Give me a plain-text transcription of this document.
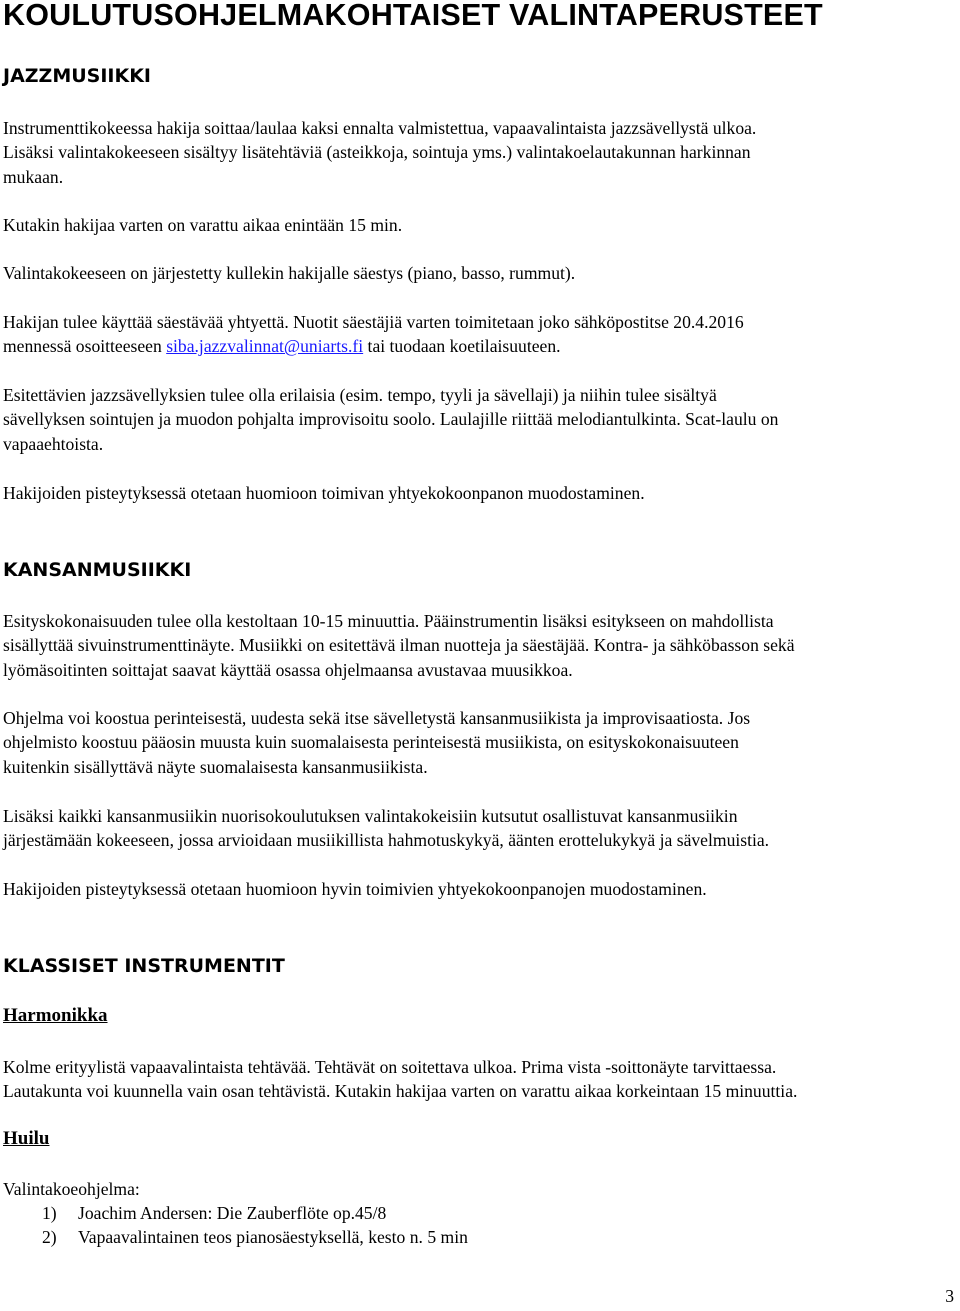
KOULUTUSOHJELMAKOHTAISET VALINTAPERUSTEET
JAZZMUSIIKKI
Instrumenttikokeessa hakija soittaa/laulaa kaksi ennalta valmistettua, vapaavalintaista jazzsävellystä ulkoa.
Lisäksi valintakokeeseen sisältyy lisätehtäviä (asteikkoja, sointuja yms.) valintakoelautakunnan harkinnan
mukaan.
Kutakin hakijaa varten on varattu aikaa enintään 15 min.
Valintakokeeseen on järjestetty kullekin hakijalle säestys (piano, basso, rummut).
Hakijan tulee käyttää säestävää yhtyettä. Nuotit säestäjiä varten toimitetaan joko sähköpostitse 20.4.2016
mennessä osoitteeseen siba.jazzvalinnat@uniarts.fi tai tuodaan koetilaisuuteen.
Esitettävien jazzsävellyksien tulee olla erilaisia (esim. tempo, tyyli ja sävellaji) ja niihin tulee sisältyä
sävellyksen sointujen ja muodon pohjalta improvisoitu soolo. Laulajille riittää melodiantulkinta. Scat-laulu on
vapaaehtoista.
Hakijoiden pisteytyksessä otetaan huomioon toimivan yhtyekokoonpanon muodostaminen.
KANSANMUSIIKKI
Esityskokonaisuuden tulee olla kestoltaan 10-15 minuuttia. Pääinstrumentin lisäksi esitykseen on mahdollista
sisällyttää sivuinstrumenttinäyte. Musiikki on esitettävä ilman nuotteja ja säestäjää. Kontra- ja sähköbasson sekä
lyömäsoitinten soittajat saavat käyttää osassa ohjelmaansa avustavaa muusikkoa.
Ohjelma voi koostua perinteisestä, uudesta sekä itse sävelletystä kansanmusiikista ja improvisaatiosta. Jos
ohjelmisto koostuu pääosin muusta kuin suomalaisesta perinteisestä musiikista, on esityskokonaisuuteen
kuitenkin sisällyttävä näyte suomalaisesta kansanmusiikista.
Lisäksi kaikki kansanmusiikin nuorisokoulutuksen valintakokeisiin kutsutut osallistuvat kansanmusiikin
järjestämään kokeeseen, jossa arvioidaan musiikillista hahmotuskykyä, äänten erottelukykyä ja sävelmuistia.
Hakijoiden pisteytyksessä otetaan huomioon hyvin toimivien yhtyekokoonpanojen muodostaminen.
KLASSISET INSTRUMENTIT
Harmonikka
Kolme erityylistä vapaavalintaista tehtävää. Tehtävät on soitettava ulkoa. Prima vista -soittonäyte tarvittaessa.
Lautakunta voi kuunnella vain osan tehtävistä. Kutakin hakijaa varten on varattu aikaa korkeintaan 15 minuuttia.
Huilu
Valintakoeohjelma:
1)	Joachim Andersen: Die Zauberflöte op.45/8
2)	Vapaavalintainen teos pianosäestyksellä, kesto n. 5 min
3
